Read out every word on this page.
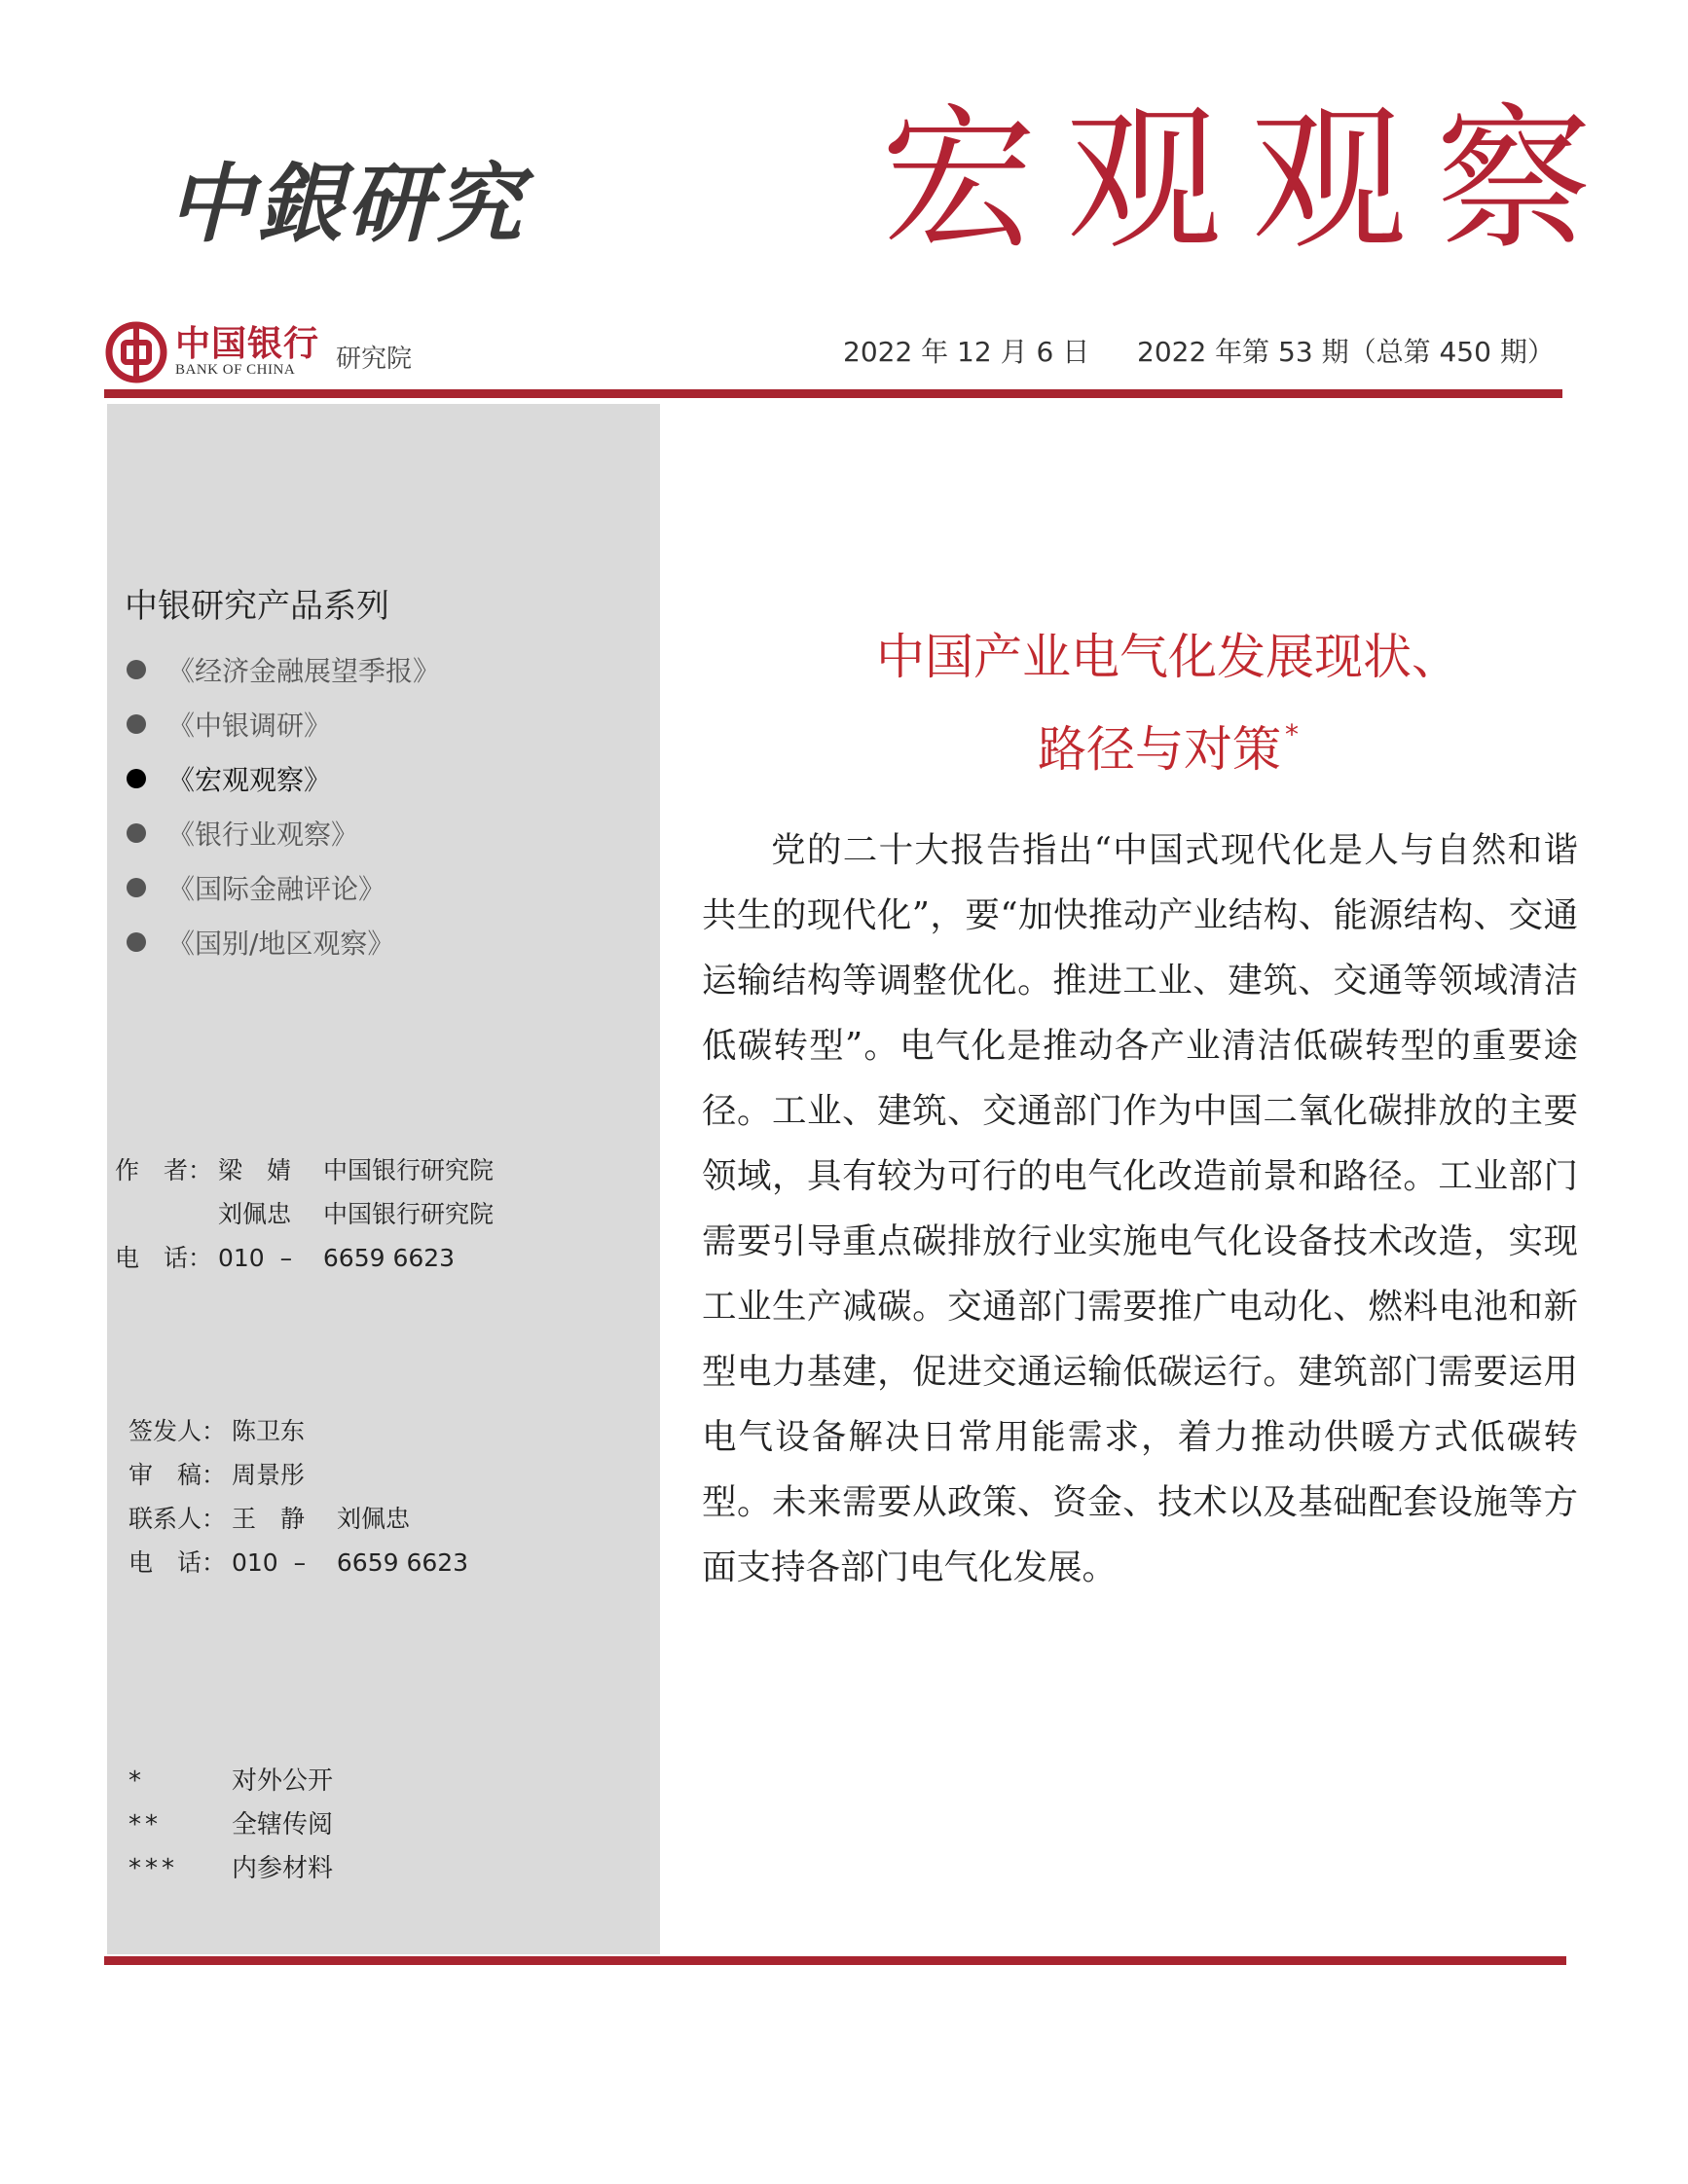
中銀研究 宏观观察
中国银行
BANK OF CHINA 研究院	2022 年 12 月 6 日 2022 年第 53 期（总第 450 期）
中银研究产品系列
《经济金融展望季报》
《中银调研》
《宏观观察》
《银行业观察》
《国际金融评论》
《国别/地区观察》
作　者： 梁　婧	中国银行研究院
刘佩忠	中国银行研究院
电　话： 010  –    6659 6623
签发人： 陈卫东
审　稿： 周景彤
联系人： 王　静　 刘佩忠
电　话： 010  –    6659 6623
*	对外公开
**	全辖传阅
***	内参材料
中国产业电气化发展现状、
路径与对策 *

党的二十大报告指出“中国式现代化是人与自然和谐共生的现代化”，要“加快推动产业结构、能源结构、交通运输结构等调整优化。推进工业、建筑、交通等领域清洁低碳转型”。电气化是推动各产业清洁低碳转型的重要途径。工业、建筑、交通部门作为中国二氧化碳排放的主要领域，具有较为可行的电气化改造前景和路径。工业部门需要引导重点碳排放行业实施电气化设备技术改造，实现工业生产减碳。交通部门需要推广电动化、燃料电池和新型电力基建，促进交通运输低碳运行。建筑部门需要运用电气设备解决日常用能需求，着力推动供暖方式低碳转型。未来需要从政策、资金、技术以及基础配套设施等方面支持各部门电气化发展。
